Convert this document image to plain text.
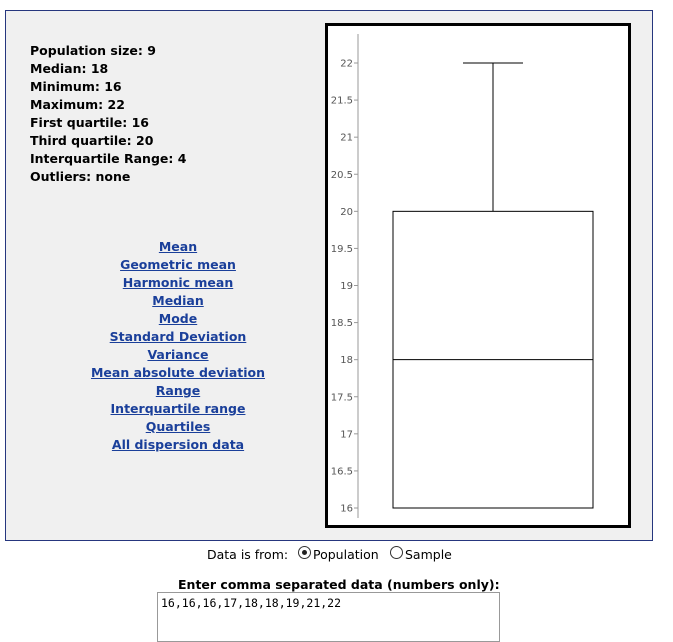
Population size: 9
Median: 18
Minimum: 16
Maximum: 22
First quartile: 16
Third quartile: 20
Interquartile Range: 4
Outliers: none
Mean
Geometric mean
Harmonic mean
Median
Mode
Standard Deviation
Variance
Mean absolute deviation
Range
Interquartile range
Quartiles
All dispersion data
16
16.5
17
17.5
18
18.5
19
19.5
20
20.5
21
21.5
22
Data is from: Population Sample
Enter comma separated data (numbers only):
16,16,16,17,18,18,19,21,22
